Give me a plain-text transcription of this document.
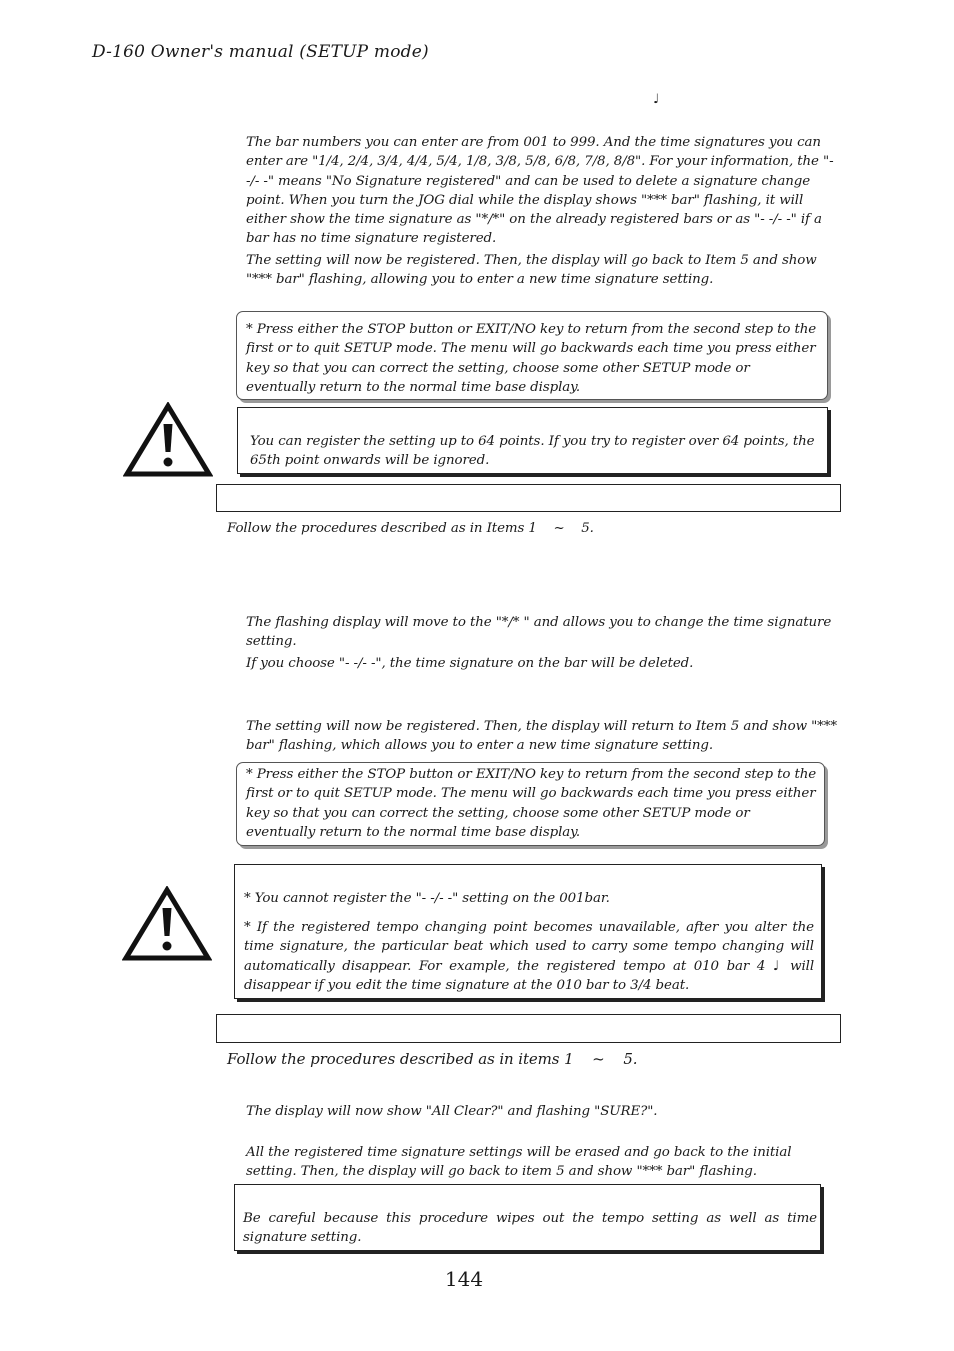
D-160 Owner's manual (SETUP mode)
♩
The bar numbers you can enter are from 001 to 999. And the time signatures you can enter are "1/4, 2/4, 3/4, 4/4, 5/4, 1/8, 3/8, 5/8, 6/8, 7/8, 8/8". For your information, the "- -/- -" means "No Signature registered" and can be used to delete a signature change point. When you turn the JOG dial while the display shows "*** bar" flashing, it will either show the time signature as "*/*" on the already registered bars or as "- -/- -" if a bar has no time signature registered.
The setting will now be registered. Then, the display will go back to Item 5 and show "*** bar" flashing, allowing you to enter a new time signature setting.
* Press either the STOP button or EXIT/NO key to return from the second step to the first or to quit SETUP mode. The menu will go backwards each time you press either key so that you can correct the setting, choose some other SETUP mode or eventually return to the normal time base display.
You can register the setting up to 64 points. If you try to register over 64 points, the 65th point onwards will be ignored.
Follow the procedures described as in Items 1    ~    5.
The flashing display will move to the "*/* " and allows you to change the time signature setting.
If you choose "- -/- -", the time signature on the bar will be deleted.
The setting will now be registered. Then, the display will return to Item 5 and show "*** bar" flashing, which allows you to enter a new time signature setting.
* Press either the STOP button or EXIT/NO key to return from the second step to the first or to quit SETUP mode. The menu will go backwards each time you press either key so that you can correct the setting, choose some other SETUP mode or eventually return to the normal time base display.
* You cannot register the "- -/- -" setting on the 001bar.
* If the registered tempo changing point becomes unavailable, after you alter the time signature, the particular beat which used to carry some tempo changing will automatically disappear. For example, the registered tempo at 010 bar 4 ♩ will disappear if you edit the time signature at the 010 bar to 3/4 beat.
Follow the procedures described as in items 1    ~    5.
The display will now show "All Clear?" and flashing "SURE?".
All the registered time signature settings will be erased and go back to the initial setting. Then, the display will go back to item 5 and show "*** bar" flashing.
Be careful because this procedure wipes out the tempo setting as well as time signature setting.
144
